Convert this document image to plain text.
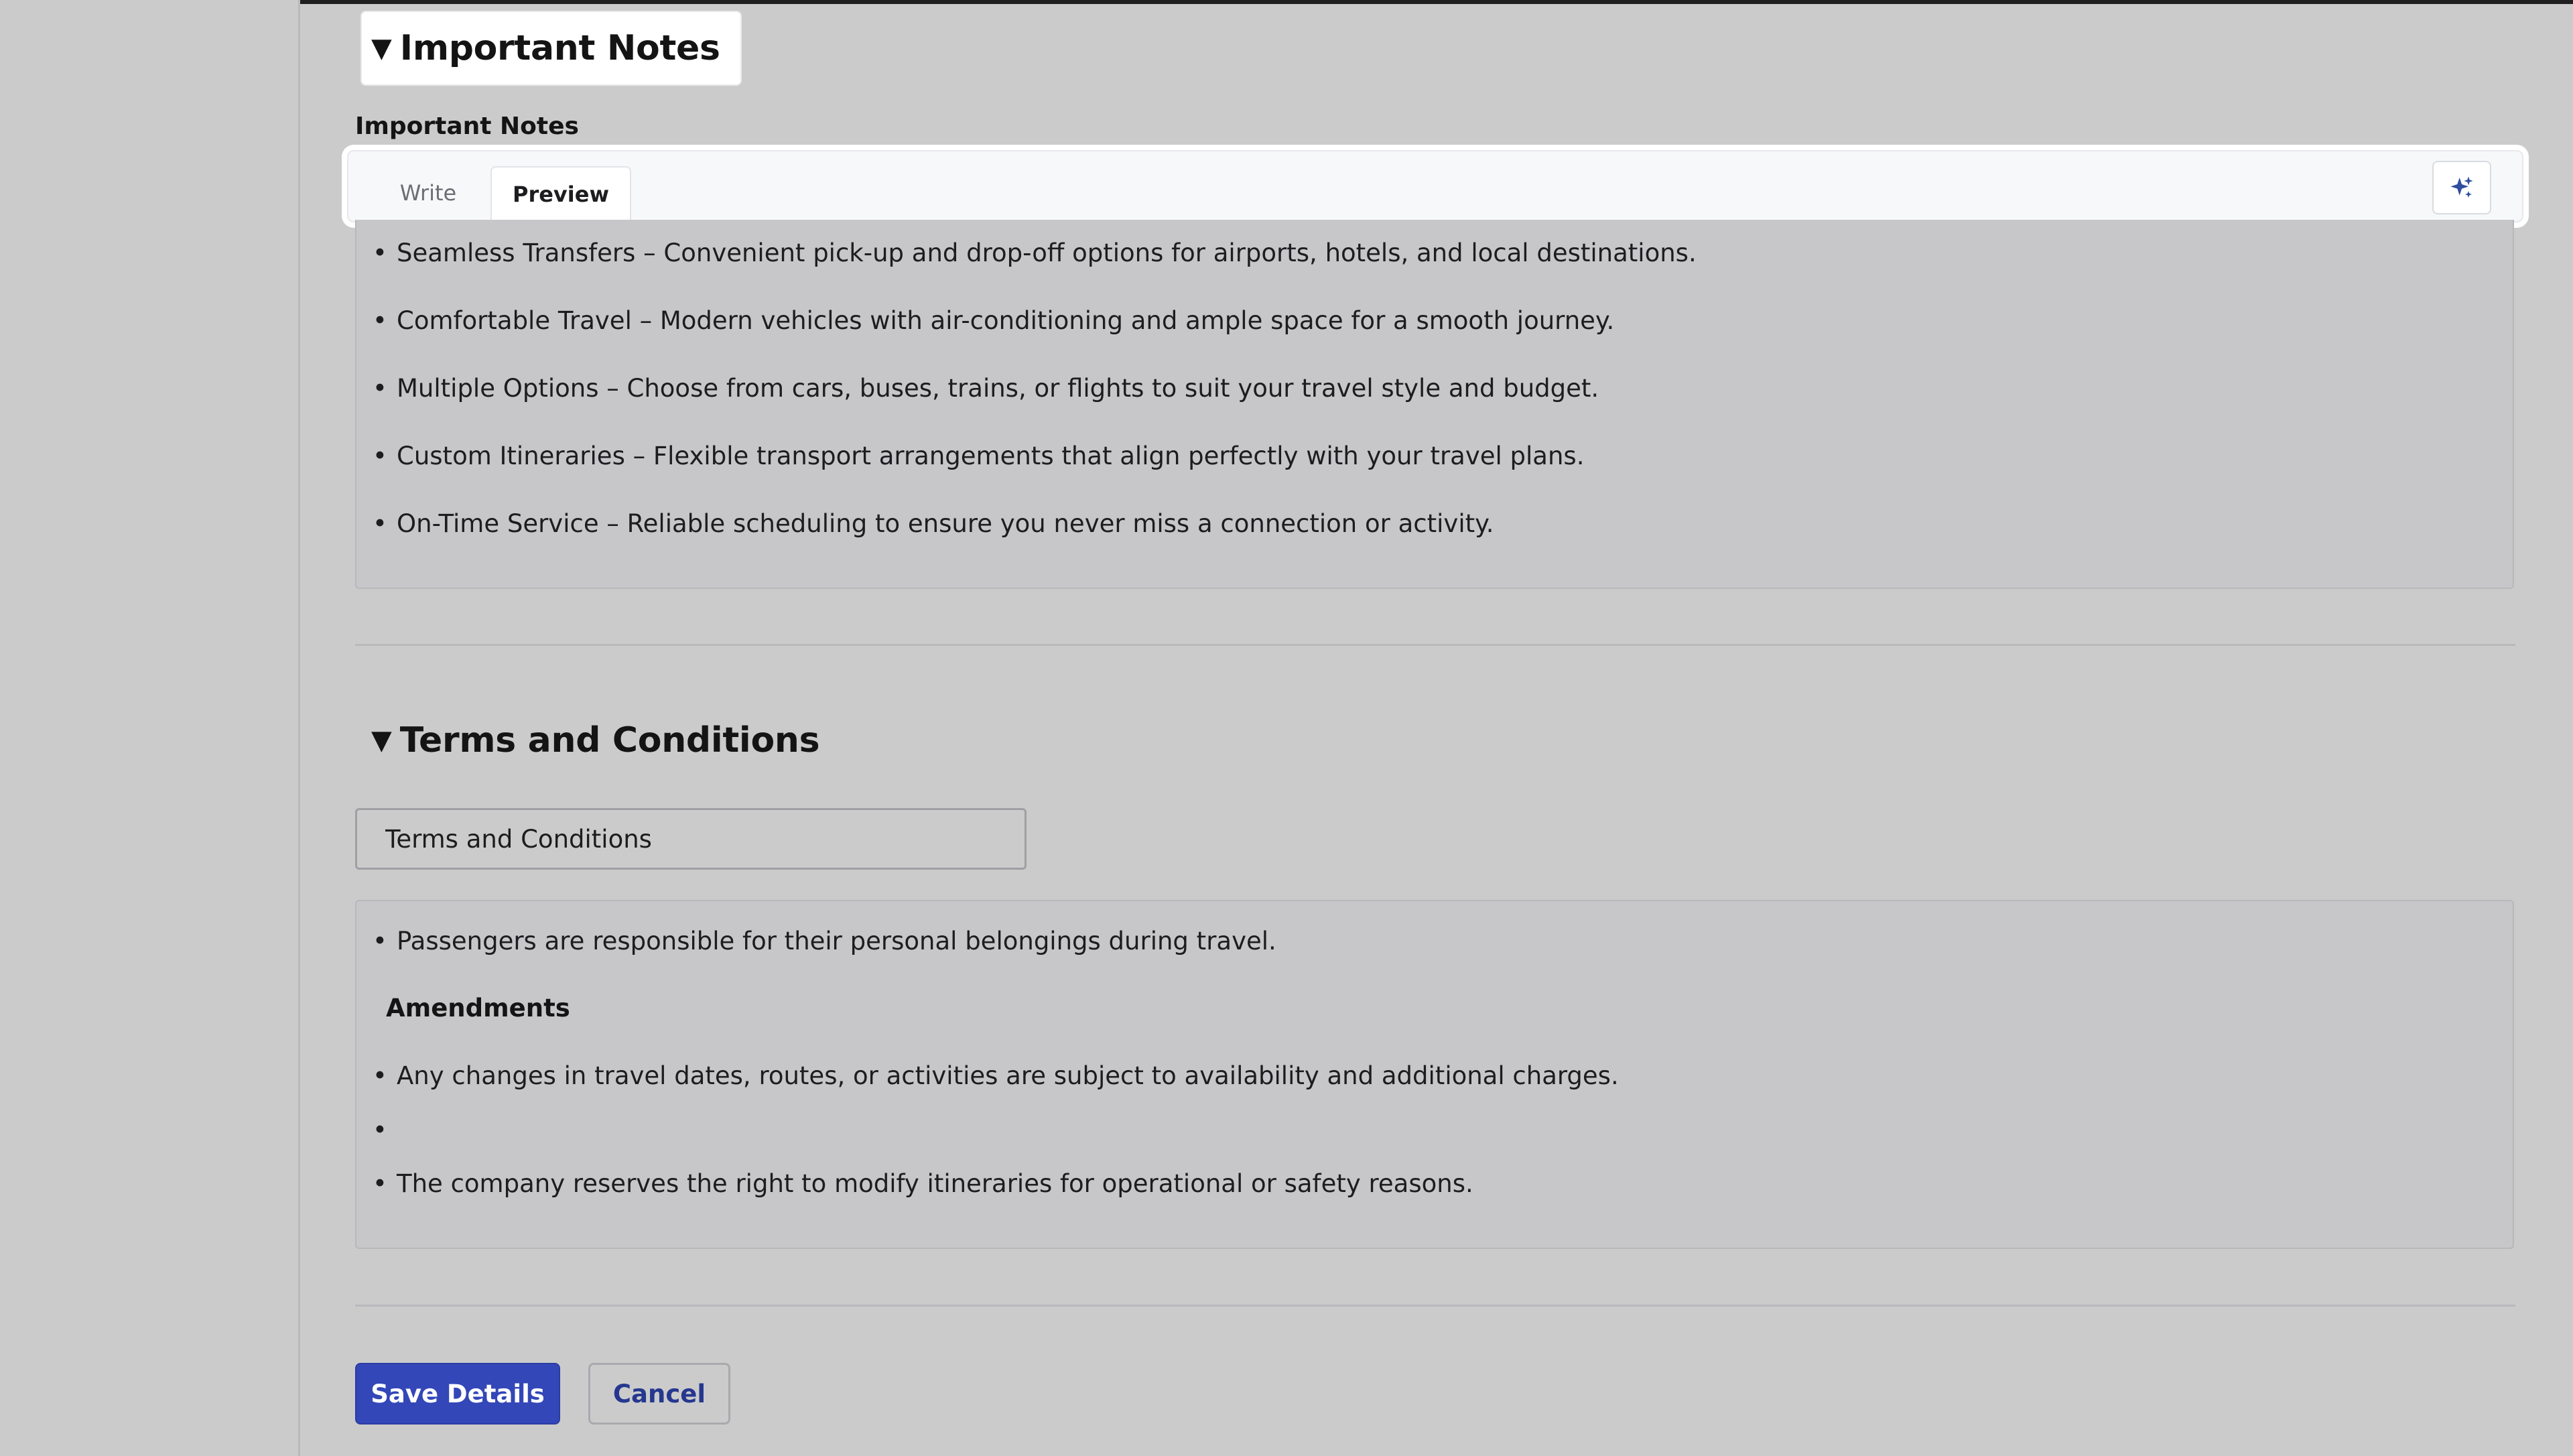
▼ Important Notes
Important Notes
Write	Preview
• Seamless Transfers – Convenient pick-up and drop-off options for airports, hotels, and local destinations.
• Comfortable Travel – Modern vehicles with air-conditioning and ample space for a smooth journey.
• Multiple Options – Choose from cars, buses, trains, or flights to suit your travel style and budget.
• Custom Itineraries – Flexible transport arrangements that align perfectly with your travel plans.
• On-Time Service – Reliable scheduling to ensure you never miss a connection or activity.
▼ Terms and Conditions
Terms and Conditions
• Passengers are responsible for their personal belongings during travel.
Amendments
• Any changes in travel dates, routes, or activities are subject to availability and additional charges.
• The company reserves the right to modify itineraries for operational or safety reasons.
Save Details	Cancel
